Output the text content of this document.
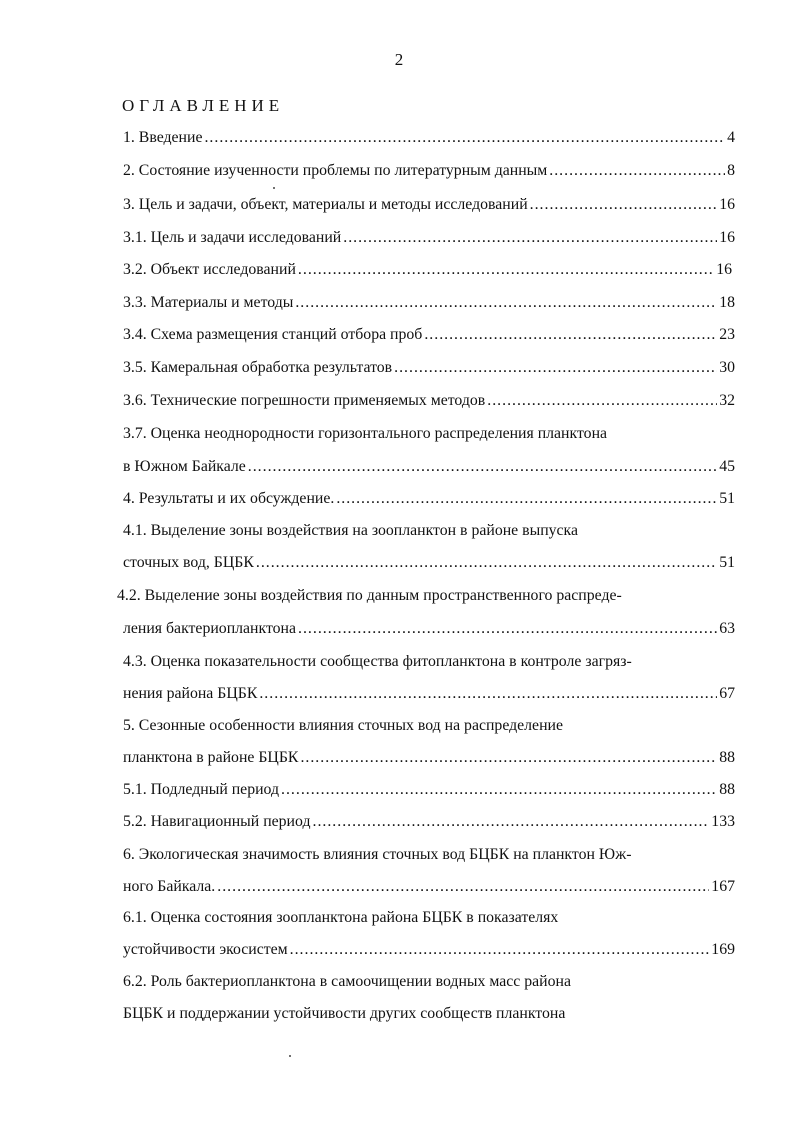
2
ОГЛАВЛЕНИЕ
1. Введение .....	4
2. Состояние изученности проблемы по литературным данным .....	8
3. Цель и задачи, объект, материалы и методы исследований .....	16
3.1. Цель и задачи исследований .....	16
3.2. Объект исследований .....	16
3.3. Материалы и методы .....	18
3.4. Схема размещения станций отбора проб .....	23
3.5. Камеральная обработка результатов .....	30
3.6. Технические погрешности применяемых методов .....	32
3.7. Оценка неоднородности горизонтального распределения планктона
в Южном Байкале .....	45
4. Результаты и их обсуждение. .....	51
4.1. Выделение зоны воздействия на зоопланктон в районе выпуска
сточных вод, БЦБК .....	51
4.2. Выделение зоны воздействия по данным пространственного распреде-
ления бактериопланктона .....	63
4.3. Оценка показательности сообщества фитопланктона в контроле загряз-
нения района БЦБК .....	67
5. Сезонные особенности влияния сточных вод на распределение
планктона в районе БЦБК .....	88
5.1. Подледный период .....	88
5.2. Навигационный период .....	133
6. Экологическая значимость влияния сточных вод БЦБК на планктон Юж-
ного Байкала. .....	167
6.1. Оценка состояния зоопланктона района БЦБК в показателях
устойчивости экосистем .....	169
6.2. Роль бактериопланктона в самоочищении водных масс района
БЦБК и поддержании устойчивости других сообществ планктона
